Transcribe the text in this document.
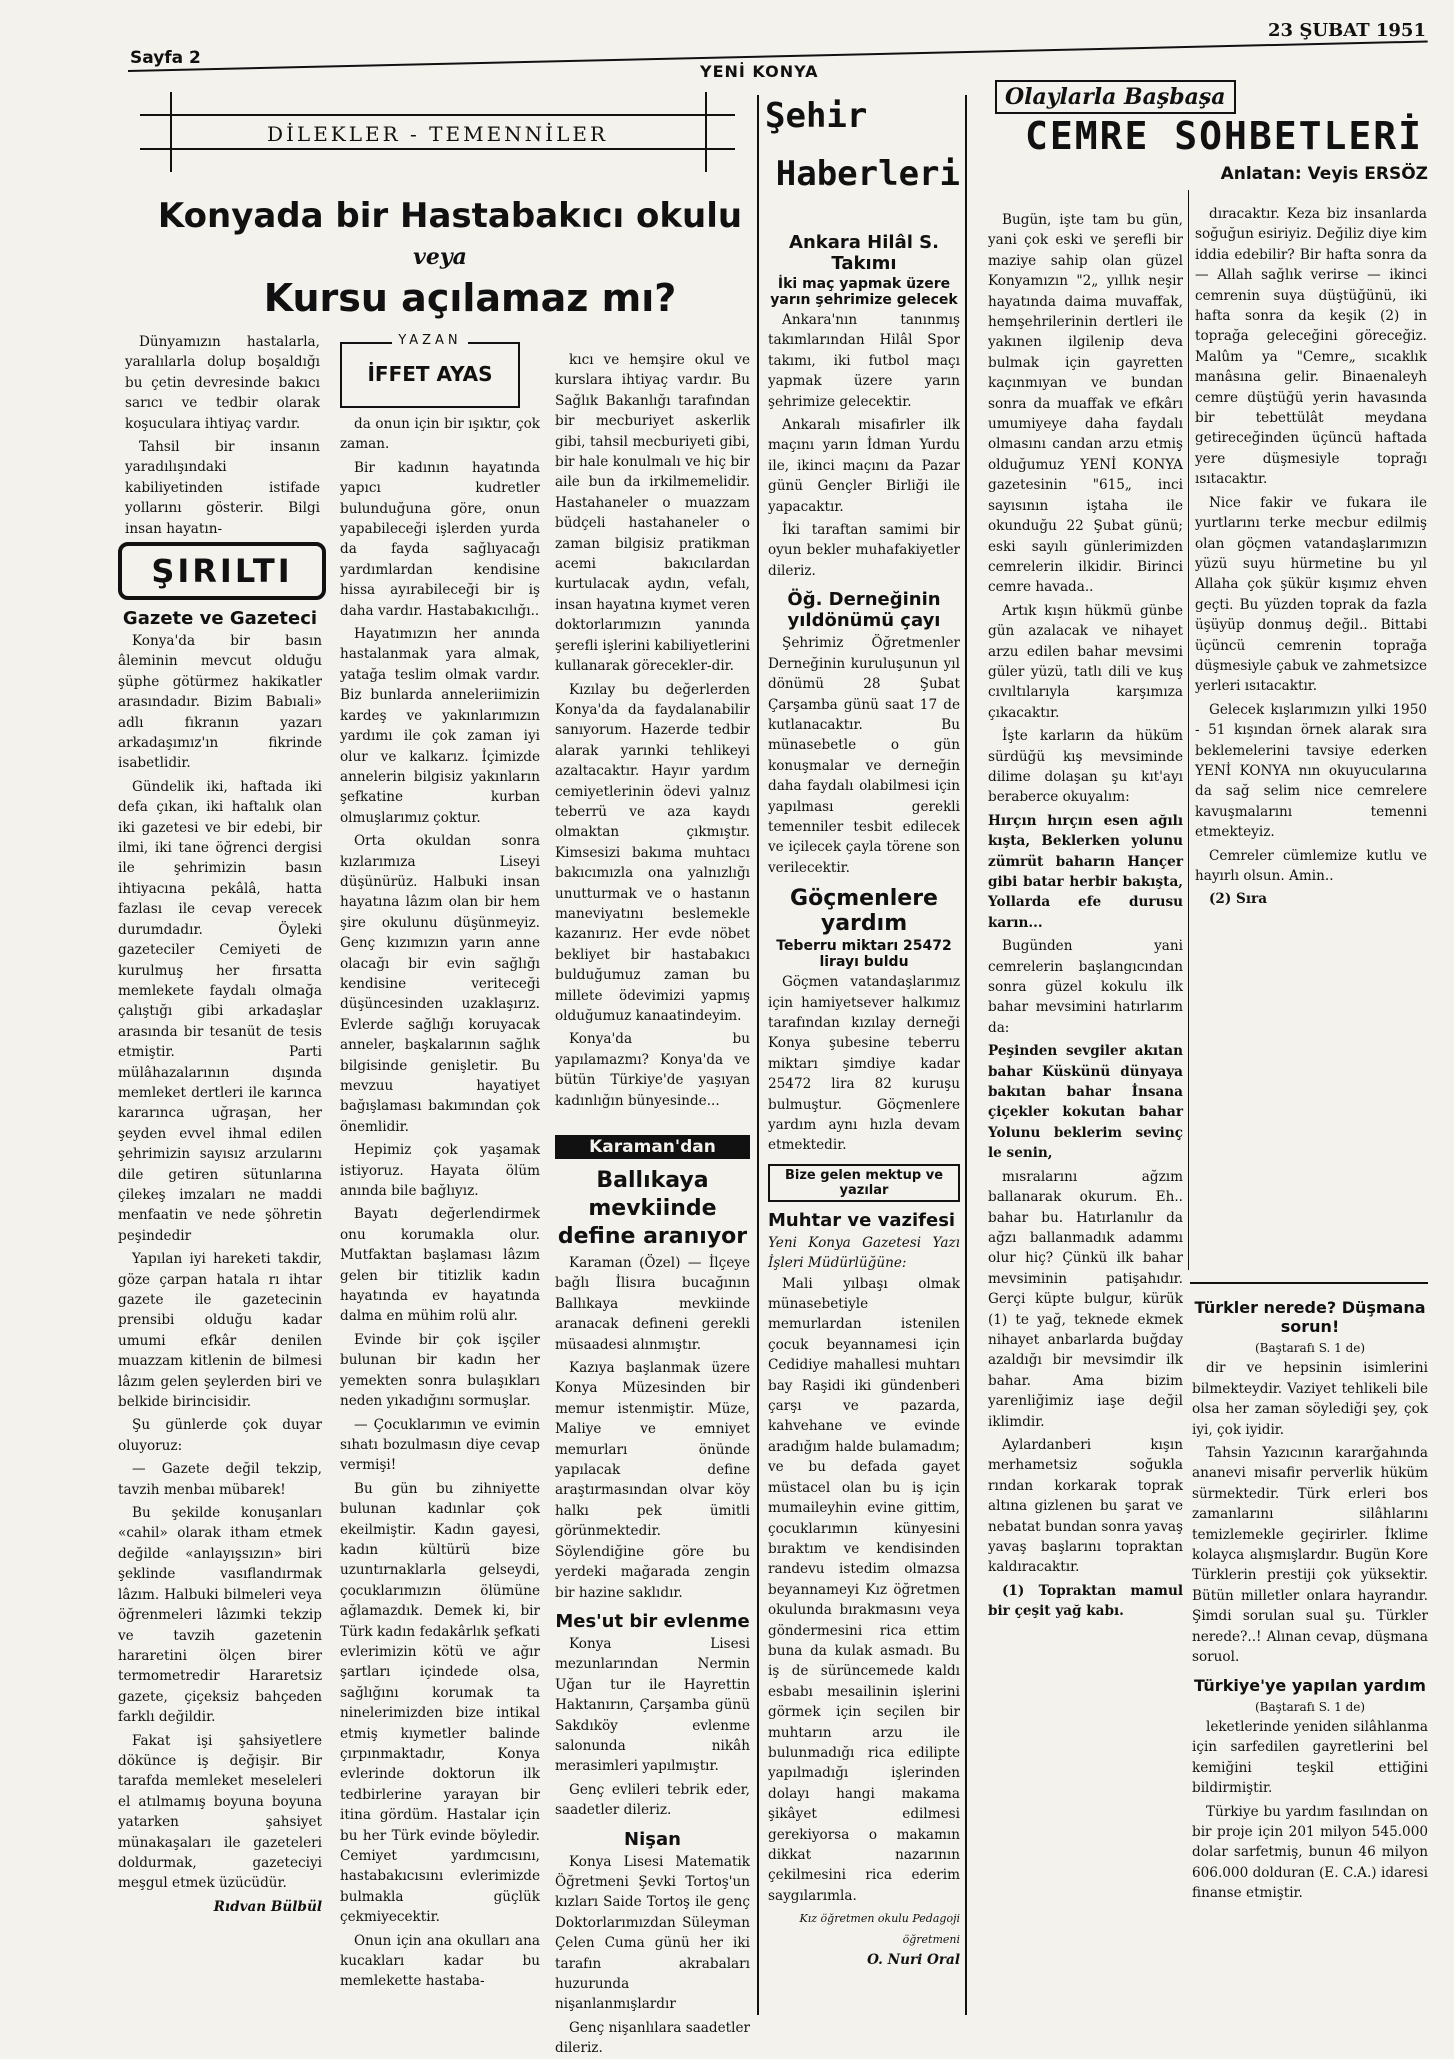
Sayfa 2
YENİ KONYA
23 ŞUBAT 1951
DİLEKLER - TEMENNİLER
Konyada bir Hastabakıcı okulu
veya
Kursu açılamaz mı?
YAZAN
İFFET AYAS

Dünyamızın hastalarla, yaralılarla dolup boşaldığı bu çetin devresinde bakıcı sarıcı ve tedbir olarak koşuculara ihtiyaç vardır.

Tahsil bir insanın yaradılışındaki kabiliyetinden istifade yollarını gösterir. Bilgi insan hayatın-

da onun için bir ışıktır, çok zaman.

Bir kadının hayatında yapıcı kudretler bulunduğuna göre, onun yapabileceği işlerden yurda da fayda sağlıyacağı yardımlardan kendisine hissa ayırabileceği bir iş daha vardır. Hastabakıcılığı..

Hayatımızın her anında hastalanmak yara almak, yatağa teslim olmak vardır. Biz bunlarda anneleriimizin kardeş ve yakınlarımızın yardımı ile çok zaman iyi olur ve kalkarız. İçimizde annelerin bilgisiz yakınların şefkatine kurban olmuşlarımız çoktur.

Orta okuldan sonra kızlarımıza Liseyi düşünürüz. Halbuki insan hayatına lâzım olan bir hem şire okulunu düşünmeyiz. Genç kızımızın yarın anne olacağı bir evin sağlığı kendisine veriteceği düşüncesinden uzaklaşırız. Evlerde sağlığı koruyacak anneler, başkalarının sağlık bilgisinde genişletir. Bu mevzuu hayatiyet bağışlaması bakımından çok önemlidir.

Hepimiz çok yaşamak istiyoruz. Hayata ölüm anında bile bağlıyız.

Bayatı değerlendirmek onu korumakla olur. Mutfaktan başlaması lâzım gelen bir titizlik kadın hayatında ev hayatında dalma en mühim rolü alır.

Evinde bir çok işçiler bulunan bir kadın her yemekten sonra bulaşıkları neden yıkadığını sormuşlar.

— Çocuklarımın ve evimin sıhatı bozulmasın diye cevap vermişi!

Bu gün bu zihniyette bulunan kadınlar çok ekeilmiştir. Kadın gayesi, kadın kültürü bize uzuntırnaklarla gelseydi, çocuklarımızın ölümüne ağlamazdık. Demek ki, bir Türk kadın fedakârlık şefkati evlerimizin kötü ve ağır şartları içindede olsa, sağlığını korumak ta ninelerimizden bize intikal etmiş kıymetler balinde çırpınmaktadır, Konya evlerinde doktorun ilk tedbirlerine yarayan bir itina gördüm. Hastalar için bu her Türk evinde böyledir. Cemiyet yardımcısını, hastabakıcısını evlerimizde bulmakla güçlük çekmiyecektir.

Onun için ana okulları ana kucakları kadar bu memlekette hastaba-

kıcı ve hemşire okul ve kurslara ihtiyaç vardır. Bu Sağlık Bakanlığı tarafından bir mecburiyet askerlik gibi, tahsil mecburiyeti gibi, bir hale konulmalı ve hiç bir aile bun da irkilmemelidir. Hastahaneler o muazzam büdçeli hastahaneler o zaman bilgisiz pratikman acemi bakıcılardan kurtulacak aydın, vefalı, insan hayatına kıymet veren doktorlarımızın yanında şerefli işlerini kabiliyetlerini kullanarak görecekler-dir.

Kızılay bu değerlerden Konya'da da faydalanabilir sanıyorum. Hazerde tedbir alarak yarınki tehlikeyi azaltacaktır. Hayır yardım cemiyetlerinin ödevi yalnız teberrü ve aza kaydı olmaktan çıkmıştır. Kimsesizi bakıma muhtacı bakıcımızla ona yalnızlığı unutturmak ve o hastanın maneviyatını beslemekle kazanırız. Her evde nöbet bekliyet bir hastabakıcı bulduğumuz zaman bu millete ödevimizi yapmış olduğumuz kanaatindeyim.

Konya'da bu yapılamazmı? Konya'da ve bütün Türkiye'de yaşıyan kadınlığın bünyesinde...

ŞIRILTI
Gazete ve Gazeteci

Konya'da bir basın âleminin mevcut olduğu şüphe götürmez hakikatler arasındadır. Bizim Babıali» adlı fıkranın yazarı arkadaşımız'ın fikrinde isabetlidir.

Gündelik iki, haftada iki defa çıkan, iki haftalık olan iki gazetesi ve bir edebi, bir ilmi, iki tane öğrenci dergisi ile şehrimizin basın ihtiyacına pekâlâ, hatta fazlası ile cevap verecek durumdadır. Öyleki gazeteciler Cemiyeti de kurulmuş her fırsatta memlekete faydalı olmağa çalıştığı gibi arkadaşlar arasında bir tesanüt de tesis etmiştir. Parti mülâhazalarının dışında memleket dertleri ile karınca kararınca uğraşan, her şeyden evvel ihmal edilen şehrimizin sayısız arzularını dile getiren sütunlarına çilekeş imzaları ne maddi menfaatin ve nede şöhretin peşindedir

Yapılan iyi hareketi takdir, göze çarpan hatala rı ihtar gazete ile gazetecinin prensibi olduğu kadar umumi efkâr denilen muazzam kitlenin de bilmesi lâzım gelen şeylerden biri ve belkide birincisidir.

Şu günlerde çok duyar oluyoruz:

— Gazete değil tekzip, tavzih menbaı mübarek!

Bu şekilde konuşanları «cahil» olarak itham etmek değilde «anlayışsızın» biri şeklinde vasıflandırmak lâzım. Halbuki bilmeleri veya öğrenmeleri lâzımki tekzip ve tavzih gazetenin hararetini ölçen birer termometredir Hararetsiz gazete, çiçeksiz bahçeden farklı değildir.

Fakat işi şahsiyetlere dökünce iş değişir. Bir tarafda memleket meseleleri el atılmamış boyuna boyuna yatarken şahsiyet münakaşaları ile gazeteleri doldurmak, gazeteciyi meşgul etmek üzücüdür.

Rıdvan Bülbül
Karaman'dan
Ballıkaya mevkiinde define aranıyor

Karaman (Özel) — İlçeye bağlı İlisıra bucağının Ballıkaya mevkiinde aranacak defineni gerekli müsaadesi alınmıştır.

Kazıya başlanmak üzere Konya Müzesinden bir memur istenmiştir. Müze, Maliye ve emniyet memurları önünde yapılacak define araştırmasından olvar köy halkı pek ümitli görünmektedir. Söylendiğine göre bu yerdeki mağarada zengin bir hazine saklıdır.

Mes'ut bir evlenme

Konya Lisesi mezunlarından Nermin Uğan tur ile Hayrettin Haktanırın, Çarşamba günü Sakdıköy evlenme salonunda nikâh merasimleri yapılmıştır.

Genç evlileri tebrik eder, saadetler dileriz.

Nişan

Konya Lisesi Matematik Öğretmeni Şevki Tortoş'un kızları Saide Tortoş ile genç Doktorlarımızdan Süleyman Çelen Cuma günü her iki tarafın akrabaları huzurunda nişanlanmışlardır

Genç nişanlılara saadetler dileriz.

Şehir
Haberleri
Ankara Hilâl S. Takımı
İki maç yapmak üzere yarın şehrimize gelecek

Ankara'nın tanınmış takımlarından Hilâl Spor takımı, iki futbol maçı yapmak üzere yarın şehrimize gelecektir.

Ankaralı misafirler ilk maçını yarın İdman Yurdu ile, ikinci maçını da Pazar günü Gençler Birliği ile yapacaktır.

İki taraftan samimi bir oyun bekler muhafakiyetler dileriz.

Öğ. Derneğinin yıldönümü çayı

Şehrimiz Öğretmenler Derneğinin kuruluşunun yıl dönümü 28 Şubat Çarşamba günü saat 17 de kutlanacaktır. Bu münasebetle o gün konuşmalar ve derneğin daha faydalı olabilmesi için yapılması gerekli temenniler tesbit edilecek ve içilecek çayla törene son verilecektir.

Göçmenlere yardım
Teberru miktarı 25472 lirayı buldu

Göçmen vatandaşlarımız için hamiyetsever halkımız tarafından kızılay derneği Konya şubesine teberru miktarı şimdiye kadar 25472 lira 82 kuruşu bulmuştur. Göçmenlere yardım aynı hızla devam etmektedir.

Bize gelen mektup ve yazılar
Muhtar ve vazifesi
Yeni Konya Gazetesi Yazı İşleri Müdürlüğüne:

Mali yılbaşı olmak münasebetiyle memurlardan istenilen çocuk beyannamesi için Cedidiye mahallesi muhtarı bay Raşidi iki gündenberi çarşı ve pazarda, kahvehane ve evinde aradığım halde bulamadım; ve bu defada gayet müstacel olan bu iş için mumaileyhin evine gittim, çocuklarımın künyesini bıraktım ve kendisinden randevu istedim olmazsa beyannameyi Kız öğretmen okulunda bırakmasını veya göndermesini rica ettim buna da kulak asmadı. Bu iş de sürüncemede kaldı esbabı mesailinin işlerini görmek için seçilen bir muhtarın arzu ile bulunmadığı rica edilipte yapılmadığı işlerinden dolayı hangi makama şikâyet edilmesi gerekiyorsa o makamın dikkat nazarının çekilmesini rica ederim saygılarımla.

Kız öğretmen okulu Pedagoji öğretmeni
O. Nuri Oral
Olaylarla Başbaşa
CEMRE SOHBETLERİ
Anlatan: Veyis ERSÖZ

Bugün, işte tam bu gün, yani çok eski ve şerefli bir maziye sahip olan güzel Konyamızın "2„ yıllık neşir hayatında daima muvaffak, hemşehrilerinin dertleri ile yakınen ilgilenip deva bulmak için gayretten kaçınmıyan ve bundan sonra da muaffak ve efkârı umumiyeye daha faydalı olmasını candan arzu etmiş olduğumuz YENİ KONYA gazetesinin "615„ inci sayısının iştaha ile okunduğu 22 Şubat günü; eski sayılı günlerimizden cemrelerin ilkidir. Birinci cemre havada..

Artık kışın hükmü günbe gün azalacak ve nihayet arzu edilen bahar mevsimi güler yüzü, tatlı dili ve kuş cıvıltılarıyla karşımıza çıkacaktır.

İşte karların da hüküm sürdüğü kış mevsiminde dilime dolaşan şu kıt'ayı beraberce okuyalım:

Hırçın hırçın esen ağılı kışta, Beklerken yolunu zümrüt baharın Hançer gibi batar herbir bakışta, Yollarda efe durusu karın...

Bugünden yani cemrelerin başlangıcından sonra güzel kokulu ilk bahar mevsimini hatırlarım da:

Peşinden sevgiler akıtan bahar Küskünü dünyaya bakıtan bahar İnsana çiçekler kokutan bahar Yolunu beklerim sevinç le senin,

mısralarını ağzım ballanarak okurum. Eh.. bahar bu. Hatırlanılır da ağzı ballanmadık adammı olur hiç? Çünkü ilk bahar mevsiminin patişahıdır. Gerçi küpte bulgur, kürük (1) te yağ, teknede ekmek nihayet anbarlarda buğday azaldığı bir mevsimdir ilk bahar. Ama bizim yarenliğimiz iaşe değil iklimdir.

Aylardanberi kışın merhametsiz soğukla rından korkarak toprak altına gizlenen bu şarat ve nebatat bundan sonra yavaş yavaş başlarını topraktan kaldıracaktır.

(1) Topraktan mamul bir çeşit yağ kabı.

dıracaktır. Keza biz insanlarda soğuğun esiriyiz. Değiliz diye kim iddia edebilir? Bir hafta sonra da — Allah sağlık verirse — ikinci cemrenin suya düştüğünü, iki hafta sonra da keşik (2) in toprağa geleceğini göreceğiz. Malûm ya "Cemre„ sıcaklık manâsına gelir. Binaenaleyh cemre düştüğü yerin havasında bir tebettülât meydana getireceğinden üçüncü haftada yere düşmesiyle toprağı ısıtacaktır.

Nice fakir ve fukara ile yurtlarını terke mecbur edilmiş olan göçmen vatandaşlarımızın yüzü suyu hürmetine bu yıl Allaha çok şükür kışımız ehven geçti. Bu yüzden toprak da fazla üşüyüp donmuş değil.. Bittabi üçüncü cemrenin toprağa düşmesiyle çabuk ve zahmetsizce yerleri ısıtacaktır.

Gelecek kışlarımızın yılki 1950 - 51 kışından örnek alarak sıra beklemelerini tavsiye ederken YENİ KONYA nın okuyucularına da sağ selim nice cemrelere kavuşmalarını temenni etmekteyiz.

Cemreler cümlemize kutlu ve hayırlı olsun. Amin..

(2) Sıra

Türkler nerede? Düşmana sorun!
(Baştarafı S. 1 de)

dir ve hepsinin isimlerini bilmekteydir. Vaziyet tehlikeli bile olsa her zaman söylediği şey, çok iyi, çok iyidir.

Tahsin Yazıcının kararğahında ananevi misafir perverlik hüküm sürmektedir. Türk erleri bos zamanlarını silâhlarını temizlemekle geçirirler. İklime kolayca alışmışlardır. Bugün Kore Türklerin prestiji çok yüksektir. Bütün milletler onlara hayrandır. Şimdi sorulan sual şu. Türkler nerede?..! Alınan cevap, düşmana soruol.

Türkiye'ye yapılan yardım
(Baştarafı S. 1 de)

leketlerinde yeniden silâhlanma için sarfedilen gayretlerini bel kemiğini teşkil ettiğini bildirmiştir.

Türkiye bu yardım fasılından on bir proje için 201 milyon 545.000 dolar sarfetmiş, bunun 46 milyon 606.000 dolduran (E. C.A.) idaresi finanse etmiştir.
